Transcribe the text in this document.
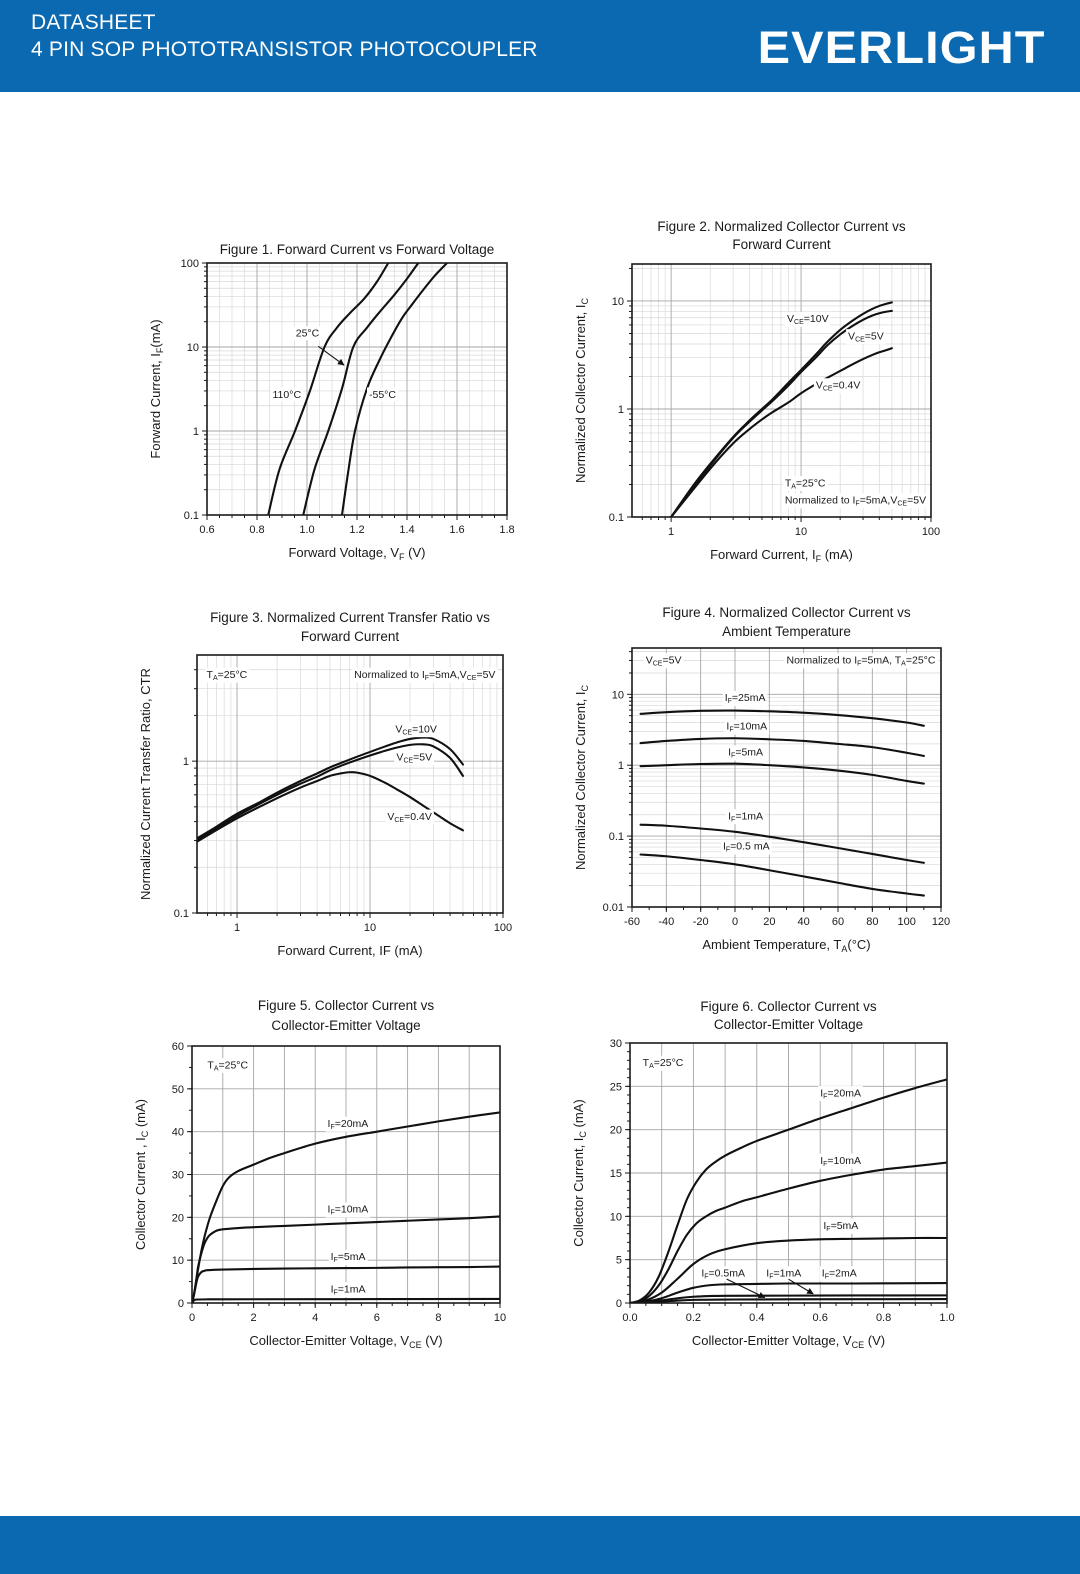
DATASHEET
4 PIN SOP PHOTOTRANSISTOR PHOTOCOUPLER	EVERLIGHT
25°C
110°C	-55°C
0.6	0.8	1.0	1.2	1.4	1.6	1.8
0.1
1
10
100
Forward Voltage, $V_F$ (V)
Forward Current, $I_F(mA)$
Figure 1. Forward Current vs Forward Voltage
$V_{CE}=10V$
$V_{CE}=5V$
$V_{CE}=0.4V$
$T_A=25^\circ C$
Normalized to $I_F=5mA,V_{CE}=5V$
1	10	100
0.1
1
10
Forward Current, $I_F$ (mA)
Normalized Collector Current, $I_C$
Figure 2. Normalized Collector Current vs
Forward Current
$T_A=25^\circ C$	Normalized to $I_F=5mA,V_{CE}=5V$
$V_{CE}=10V$
$V_{CE}=5V$
$V_{CE}=0.4V$
1	10	100
0.1
1
Forward Current, IF (mA)
Normalized Current Transfer Ratio, CTR
Figure 3. Normalized Current Transfer Ratio vs
Forward Current
$V_{CE}=5V$	Normalized to $I_F=5mA$, $T_A=25^\circ C$
$I_F=25mA$
$I_F=10mA$
$I_F=5mA$
$I_F=1mA$
$I_F=0.5$ mA
-60 -40 -20 0 20 40 60 80 100 120
0.01
0.1
1
10
Ambient Temperature, $T_A(^\circ C)$
Normalized Collector Current, $I_C$
Figure 4. Normalized Collector Current vs
Ambient Temperature
$T_A=25^\circ C$
$I_F=20mA$
$I_F=10mA$
$I_F=5mA$
$I_F=1mA$
0	2	4	6	8	10
0
10
20
30
40
50
60
Collector-Emitter Voltage, $V_{CE}$ (V)
Collector Current , $I_C$ (mA)
Figure 5. Collector Current vs
Collector-Emitter Voltage
$T_A=25^\circ C$
$I_F=20mA$
$I_F=10mA$
$I_F=5mA$
$I_F=0.5mA$ $I_F=1mA$ $I_F=2mA$
0.0	0.2	0.4	0.6	0.8	1.0
0
5
10
15
20
25
30
Collector-Emitter Voltage, $V_{CE}$ (V)
Collector Current, $I_C$ (mA)
Figure 6. Collector Current vs
Collector-Emitter Voltage
